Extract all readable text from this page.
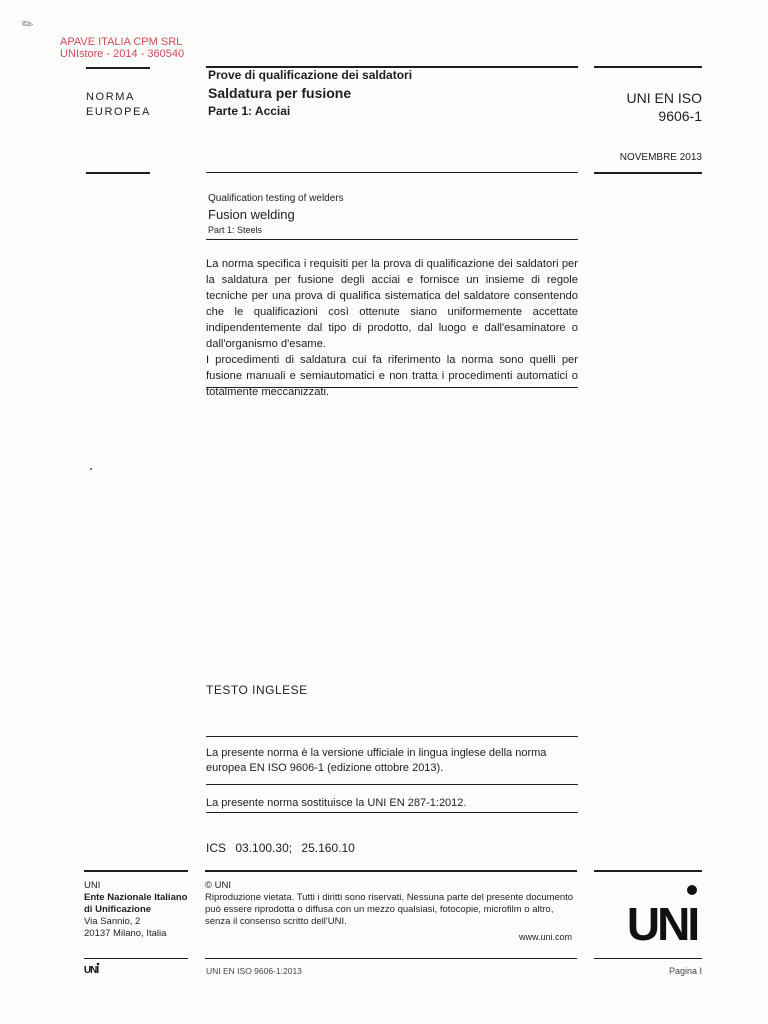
✎
APAVE ITALIA CPM SRL
UNIstore - 2014 - 360540
NORMA
EUROPEA
Prove di qualificazione dei saldatori
Saldatura per fusione
Parte 1: Acciai
UNI EN ISO
9606-1
NOVEMBRE 2013
Qualification testing of welders
Fusion welding
Part 1: Steels

La norma specifica i requisiti per la prova di qualificazione dei saldatori per la saldatura per fusione degli acciai e fornisce un insieme di regole tecniche per una prova di qualifica sistematica del saldatore consentendo che le qualificazioni così ottenute siano uniformemente accettate indipendentemente dal tipo di prodotto, dal luogo e dall'esaminatore o dall'organismo d'esame.

I procedimenti di saldatura cui fa riferimento la norma sono quelli per fusione manuali e semiautomatici e non tratta i procedimenti automatici o totalmente meccanizzati.

TESTO INGLESE
La presente norma è la versione ufficiale in lingua inglese della norma europea EN ISO 9606-1 (edizione ottobre 2013).
La presente norma sostituisce la UNI EN 287-1:2012.
ICS 03.100.30; 25.160.10
UNI
Ente Nazionale Italiano
di Unificazione
Via Sannio, 2
20137 Milano, Italia
© UNI
Riproduzione vietata. Tutti i diritti sono riservati. Nessuna parte del presente documento può essere riprodotta o diffusa con un mezzo qualsiasi, fotocopie, microfilm o altro, senza il consenso scritto dell'UNI.
www.uni.com UNI
UNI	UNI EN ISO 9606-1:2013	Pagina I
